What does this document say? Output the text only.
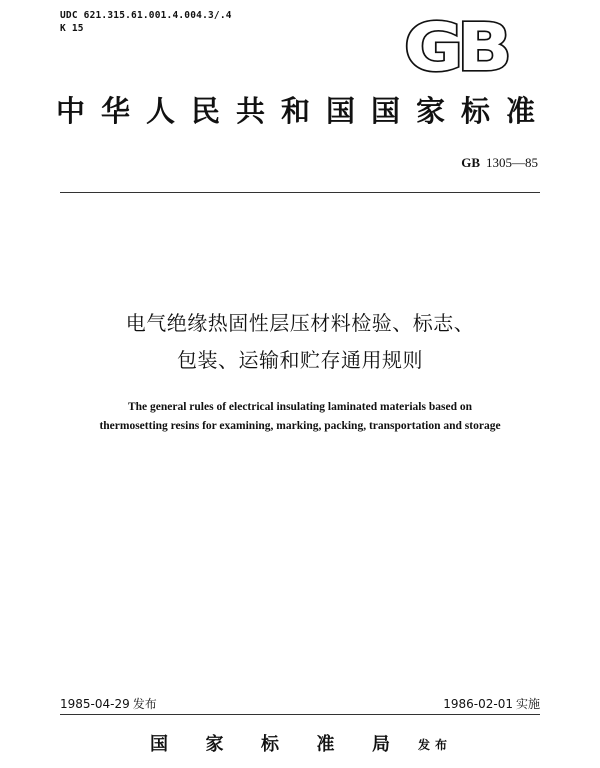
UDC 621.315.61.001.4.004.3/.4
K 15	GB
中华人民共和国国家标准
GB 1305—85
电气绝缘热固性层压材料检验、标志、
包装、运输和贮存通用规则
The general rules of electrical insulating laminated materials based on
thermosetting resins for examining, marking, packing, transportation and storage
1985-04-29 发布	1986-02-01 实施
国家标准局 发布
